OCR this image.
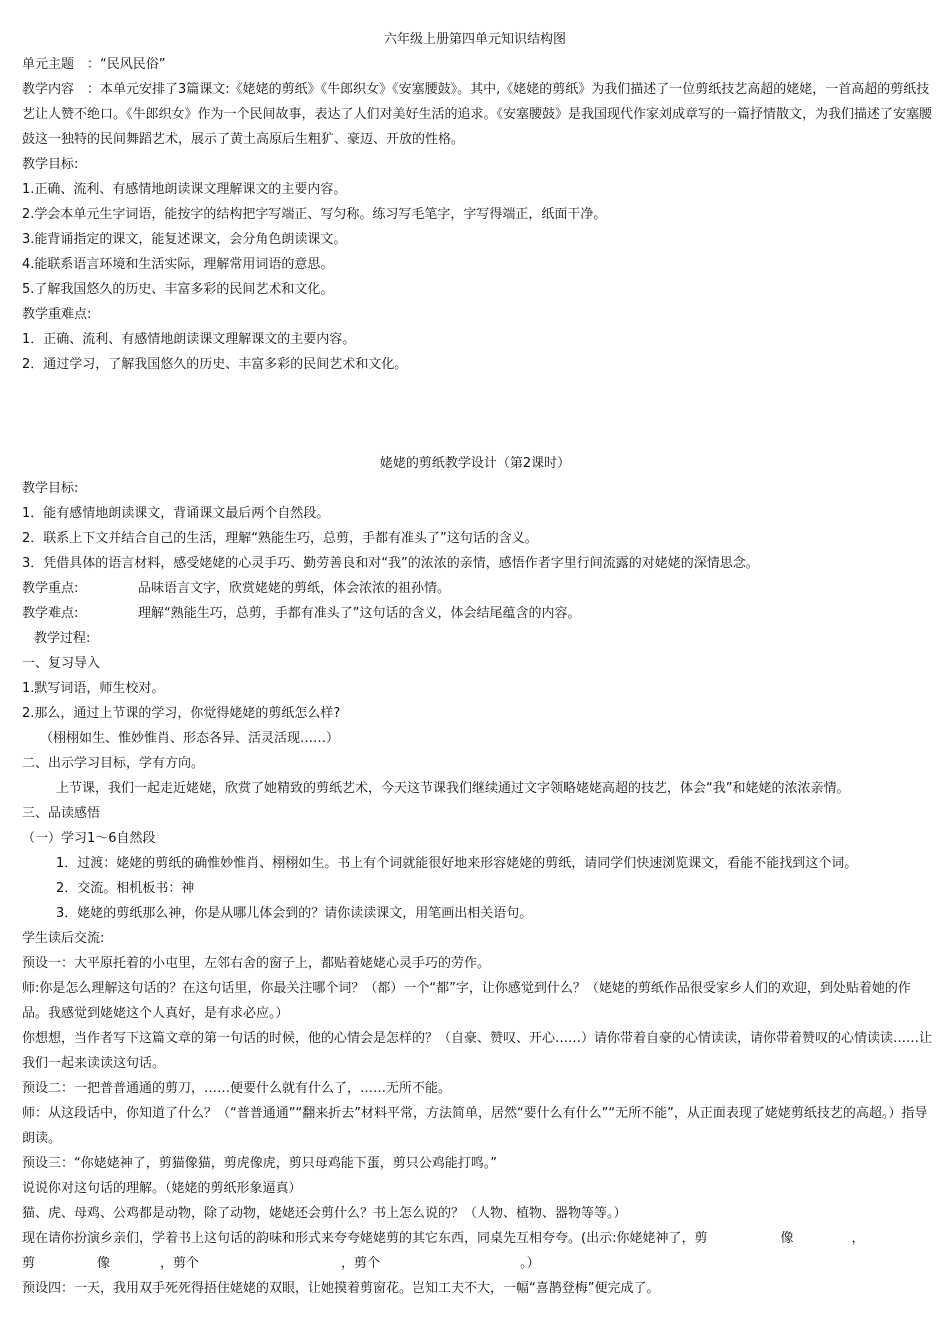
六年级上册第四单元知识结构图
单元主题　：“民风民俗”
教学内容　：本单元安排了3篇课文:《姥姥的剪纸》《牛郎织女》《安塞腰鼓》。其中,《姥姥的剪纸》为我们描述了一位剪纸技艺高超的姥姥，一首高超的剪纸技艺让人赞不绝口。《牛郎织女》作为一个民间故事，表达了人们对美好生活的追求。《安塞腰鼓》是我国现代作家刘成章写的一篇抒情散文，为我们描述了安塞腰鼓这一独特的民间舞蹈艺术，展示了黄土高原后生粗犷、豪迈、开放的性格。
教学目标:
1.正确、流利、有感情地朗读课文理解课文的主要内容。
2.学会本单元生字词语，能按字的结构把字写端正、写匀称。练习写毛笔字，字写得端正，纸面干净。
3.能背诵指定的课文，能复述课文，会分角色朗读课文。
4.能联系语言环境和生活实际，理解常用词语的意思。
5.了解我国悠久的历史、丰富多彩的民间艺术和文化。
教学重难点:
1．正确、流利、有感情地朗读课文理解课文的主要内容。
2．通过学习，了解我国悠久的历史、丰富多彩的民间艺术和文化。
姥姥的剪纸教学设计（第2课时）
教学目标:
1．能有感情地朗读课文，背诵课文最后两个自然段。
2．联系上下文并结合自己的生活，理解“熟能生巧，总剪，手都有准头了”这句话的含义。
3．凭借具体的语言材料，感受姥姥的心灵手巧、勤劳善良和对“我”的浓浓的亲情，感悟作者字里行间流露的对姥姥的深情思念。
教学重点:	品味语言文字，欣赏姥姥的剪纸，体会浓浓的祖孙情。
教学难点:	理解“熟能生巧，总剪，手都有准头了”这句话的含义，体会结尾蕴含的内容。
教学过程:
一、复习导入
1.默写词语，师生校对。
2.那么，通过上节课的学习，你觉得姥姥的剪纸怎么样?
（栩栩如生、惟妙惟肖、形态各异、活灵活现……）
二、出示学习目标，学有方向。
上节课，我们一起走近姥姥，欣赏了她精致的剪纸艺术，今天这节课我们继续通过文字领略姥姥高超的技艺，体会“我”和姥姥的浓浓亲情。
三、品读感悟
（一）学习1～6自然段
1．过渡：姥姥的剪纸的确惟妙惟肖、栩栩如生。书上有个词就能很好地来形容姥姥的剪纸，请同学们快速浏览课文，看能不能找到这个词。
2．交流。相机板书：神
3．姥姥的剪纸那么神，你是从哪儿体会到的？请你读读课文，用笔画出相关语句。
学生读后交流:
预设一：大平原托着的小屯里，左邻右舍的窗子上，都贴着姥姥心灵手巧的劳作。
师:你是怎么理解这句话的？在这句话里，你最关注哪个词？（都）一个“都”字，让你感觉到什么？（姥姥的剪纸作品很受家乡人们的欢迎，到处贴着她的作品。我感觉到姥姥这个人真好，是有求必应。）
你想想，当作者写下这篇文章的第一句话的时候，他的心情会是怎样的？（自豪、赞叹、开心……）请你带着自豪的心情读读，请你带着赞叹的心情读读……让我们一起来读读这句话。
预设二：一把普普通通的剪刀，……便要什么就有什么了，……无所不能。
师：从这段话中，你知道了什么？（“普普通通”“翻来折去”材料平常，方法简单，居然“要什么有什么”“无所不能”，从正面表现了姥姥剪纸技艺的高超。）指导朗读。
预设三：“你姥姥神了，剪猫像猫，剪虎像虎，剪只母鸡能下蛋，剪只公鸡能打鸣。”
说说你对这句话的理解。（姥姥的剪纸形象逼真）
猫、虎、母鸡、公鸡都是动物，除了动物，姥姥还会剪什么？书上怎么说的？（人物、植物、器物等等。）
现在请你扮演乡亲们，学着书上这句话的韵味和形式来夸夸姥姥剪的其它东西，同桌先互相夸夸。(出示:你姥姥神了，剪	像	，
剪	像	，剪个	，剪个	。）
预设四：一天，我用双手死死得捂住姥姥的双眼，让她摸着剪窗花。岂知工夫不大，一幅“喜鹊登梅”便完成了。
